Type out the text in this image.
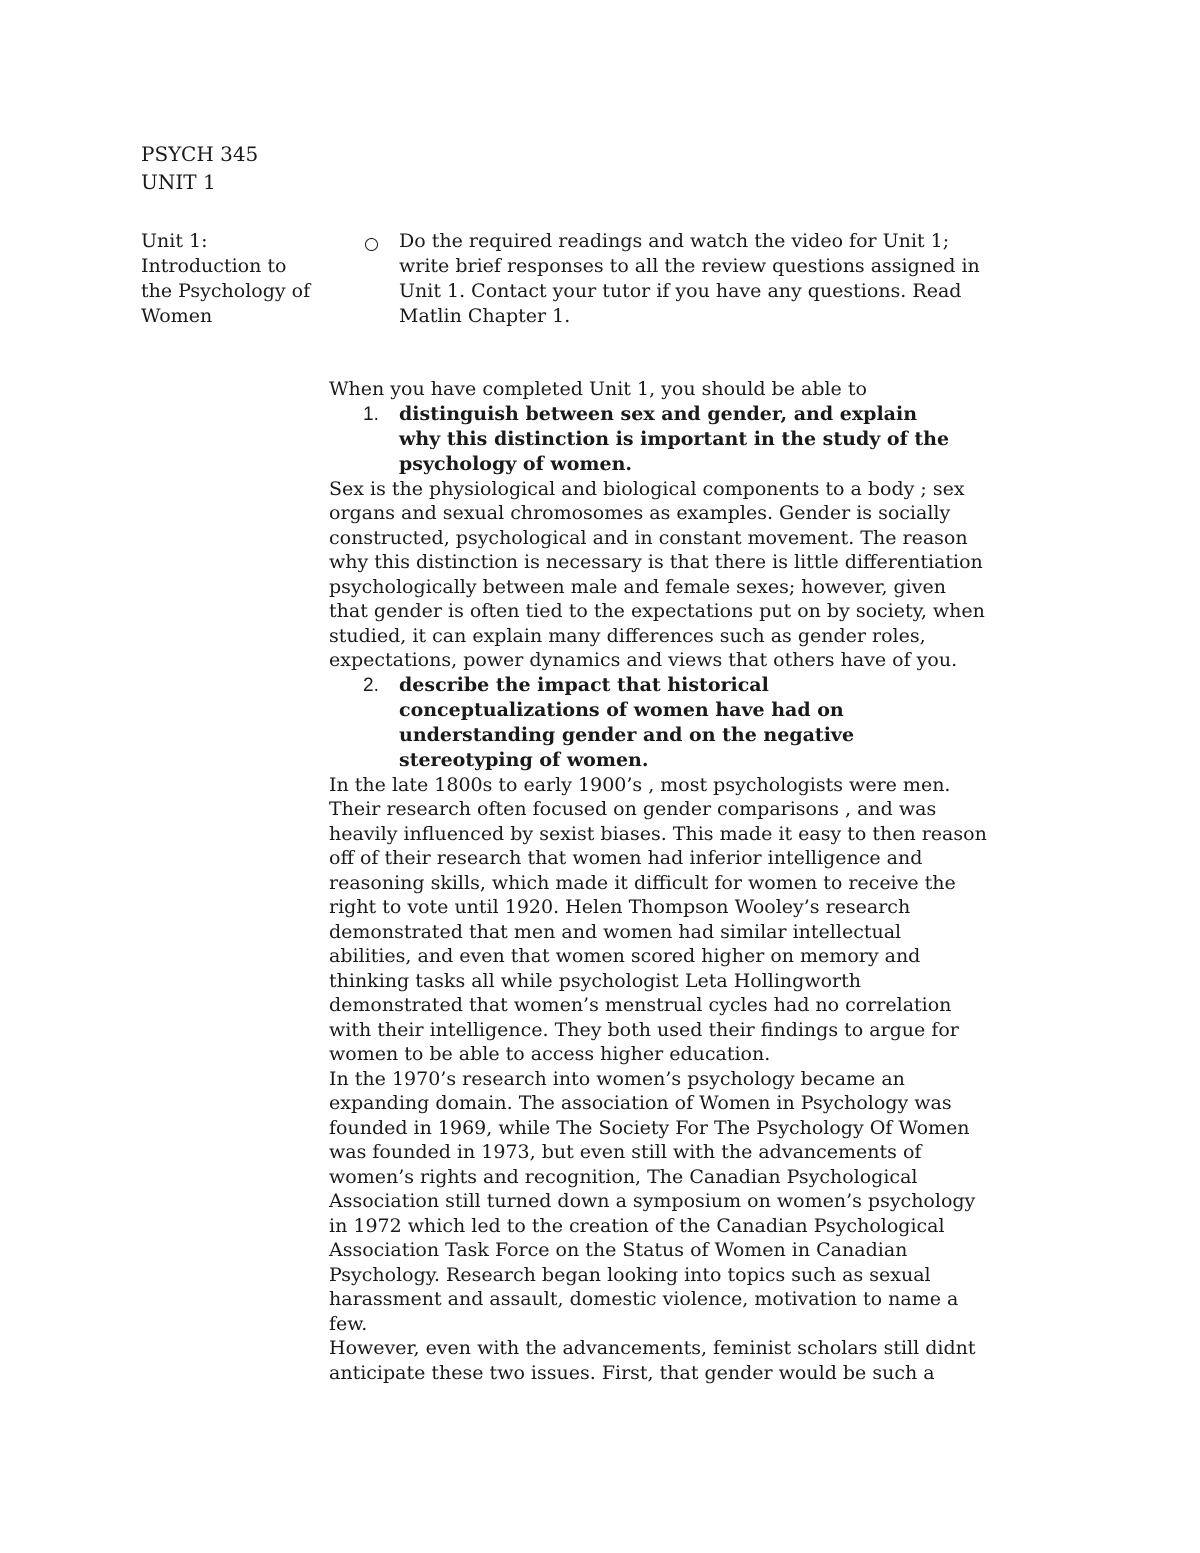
PSYCH 345
UNIT 1
Unit 1:
Introduction to
the Psychology of
Women
Do the required readings and watch the video for Unit 1;
write brief responses to all the review questions assigned in
Unit 1. Contact your tutor if you have any questions. Read
Matlin Chapter 1.
When you have completed Unit 1, you should be able to
1. distinguish between sex and gender, and explain
why this distinction is important in the study of the
psychology of women.
Sex is the physiological and biological components to a body ; sex
organs and sexual chromosomes as examples. Gender is socially
constructed, psychological and in constant movement. The reason
why this distinction is necessary is that there is little differentiation
psychologically between male and female sexes; however, given
that gender is often tied to the expectations put on by society, when
studied, it can explain many differences such as gender roles,
expectations, power dynamics and views that others have of you.
2. describe the impact that historical
conceptualizations of women have had on
understanding gender and on the negative
stereotyping of women.
In the late 1800s to early 1900’s , most psychologists were men.
Their research often focused on gender comparisons , and was
heavily influenced by sexist biases. This made it easy to then reason
off of their research that women had inferior intelligence and
reasoning skills, which made it difficult for women to receive the
right to vote until 1920. Helen Thompson Wooley’s research
demonstrated that men and women had similar intellectual
abilities, and even that women scored higher on memory and
thinking tasks all while psychologist Leta Hollingworth
demonstrated that women’s menstrual cycles had no correlation
with their intelligence. They both used their findings to argue for
women to be able to access higher education.
In the 1970’s research into women’s psychology became an
expanding domain. The association of Women in Psychology was
founded in 1969, while The Society For The Psychology Of Women
was founded in 1973, but even still with the advancements of
women’s rights and recognition, The Canadian Psychological
Association still turned down a symposium on women’s psychology
in 1972 which led to the creation of the Canadian Psychological
Association Task Force on the Status of Women in Canadian
Psychology. Research began looking into topics such as sexual
harassment and assault, domestic violence, motivation to name a
few.
However, even with the advancements, feminist scholars still didnt
anticipate these two issues. First, that gender would be such a
